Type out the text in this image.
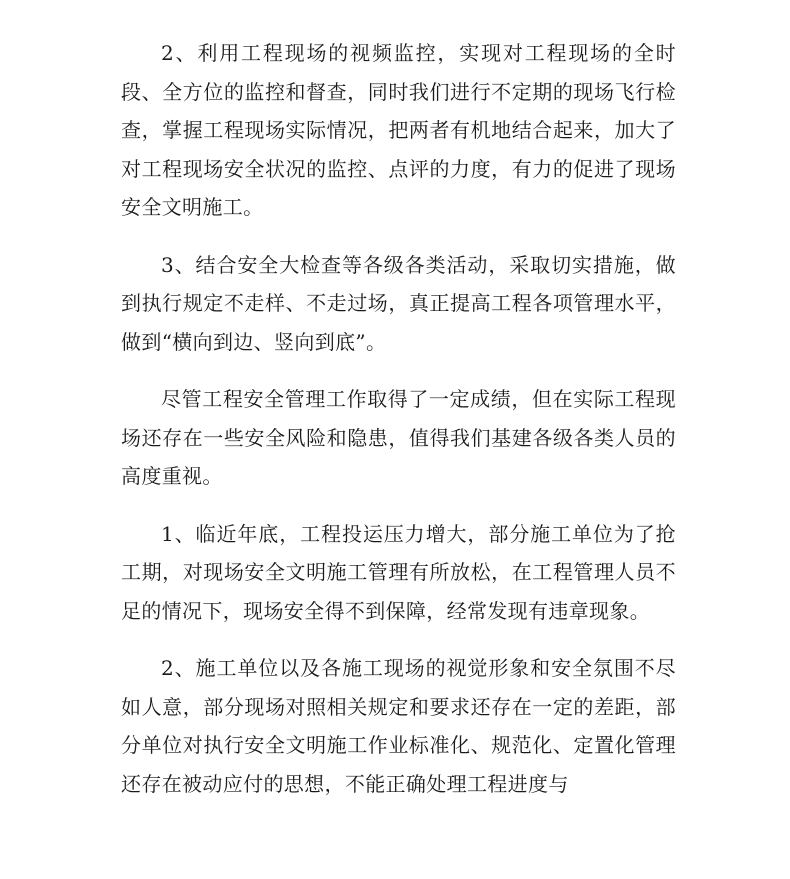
2、利用工程现场的视频监控，实现对工程现场的全时段、全方位的监控和督查，同时我们进行不定期的现场飞行检查，掌握工程现场实际情况，把两者有机地结合起来，加大了对工程现场安全状况的监控、点评的力度，有力的促进了现场安全文明施工。

3、结合安全大检查等各级各类活动，采取切实措施，做到执行规定不走样、不走过场，真正提高工程各项管理水平，做到“横向到边、竖向到底”。

尽管工程安全管理工作取得了一定成绩，但在实际工程现场还存在一些安全风险和隐患，值得我们基建各级各类人员的高度重视。

1、临近年底，工程投运压力增大，部分施工单位为了抢工期，对现场安全文明施工管理有所放松，在工程管理人员不足的情况下，现场安全得不到保障，经常发现有违章现象。

2、施工单位以及各施工现场的视觉形象和安全氛围不尽如人意，部分现场对照相关规定和要求还存在一定的差距，部分单位对执行安全文明施工作业标准化、规范化、定置化管理还存在被动应付的思想，不能正确处理工程进度与
